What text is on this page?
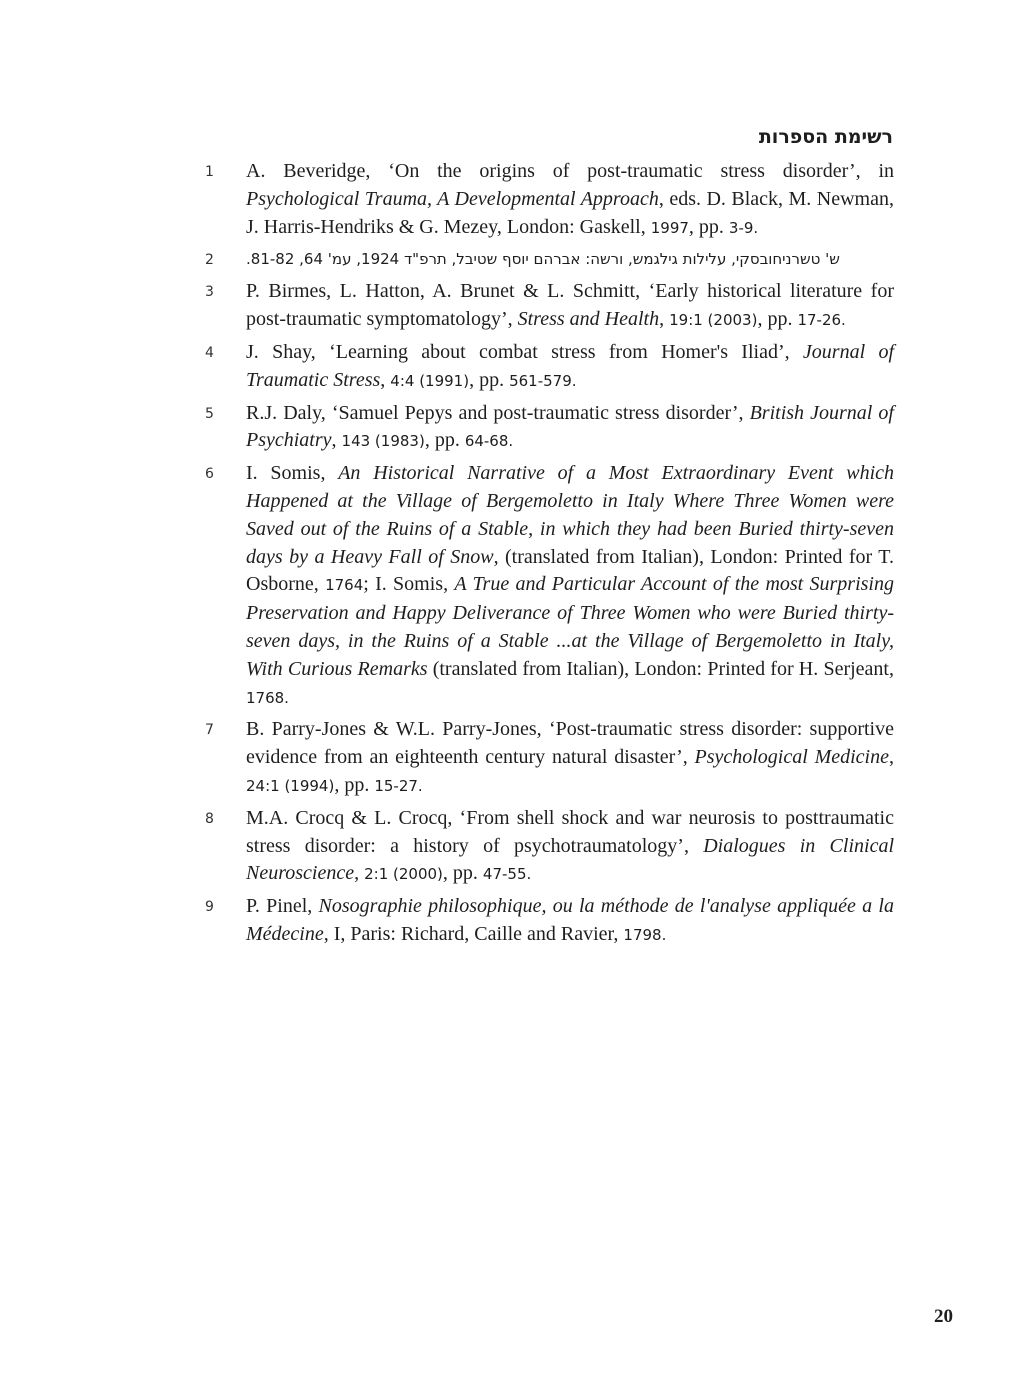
רשימת הספרות
1 A. Beveridge, ‘On the origins of post-traumatic stress disorder’, in Psychological Trauma, A Developmental Approach, eds. D. Black, M. Newman, J. Harris-Hendriks & G. Mezey, London: Gaskell, 1997, pp. 3-9.
2 ש' טשרניחובסקי, עלילות גילגמש, ורשה: אברהם יוסף שטיבל, תרפ"ד 1924, עמ' 64, 81-82.
3 P. Birmes, L. Hatton, A. Brunet & L. Schmitt, ‘Early historical literature for post-traumatic symptomatology’, Stress and Health, 19:1 (2003), pp. 17-26.
4 J. Shay, ‘Learning about combat stress from Homer's Iliad’, Journal of Traumatic Stress, 4:4 (1991), pp. 561-579.
5 R.J. Daly, ‘Samuel Pepys and post-traumatic stress disorder’, British Journal of Psychiatry, 143 (1983), pp. 64-68.
6 I. Somis, An Historical Narrative of a Most Extraordinary Event which Happened at the Village of Bergemoletto in Italy Where Three Women were Saved out of the Ruins of a Stable, in which they had been Buried thirty-seven days by a Heavy Fall of Snow, (translated from Italian), London: Printed for T. Osborne, 1764; I. Somis, A True and Particular Account of the most Surprising Preservation and Happy Deliverance of Three Women who were Buried thirty-seven days, in the Ruins of a Stable ...at the Village of Bergemoletto in Italy, With Curious Remarks (translated from Italian), London: Printed for H. Serjeant, 1768.
7 B. Parry-Jones & W.L. Parry-Jones, ‘Post-traumatic stress disorder: supportive evidence from an eighteenth century natural disaster’, Psychological Medicine, 24:1 (1994), pp. 15-27.
8 M.A. Crocq & L. Crocq, ‘From shell shock and war neurosis to posttraumatic stress disorder: a history of psychotraumatology’, Dialogues in Clinical Neuroscience, 2:1 (2000), pp. 47-55.
9 P. Pinel, Nosographie philosophique, ou la méthode de l'analyse appliquée a la Médecine, I, Paris: Richard, Caille and Ravier, 1798.
20
